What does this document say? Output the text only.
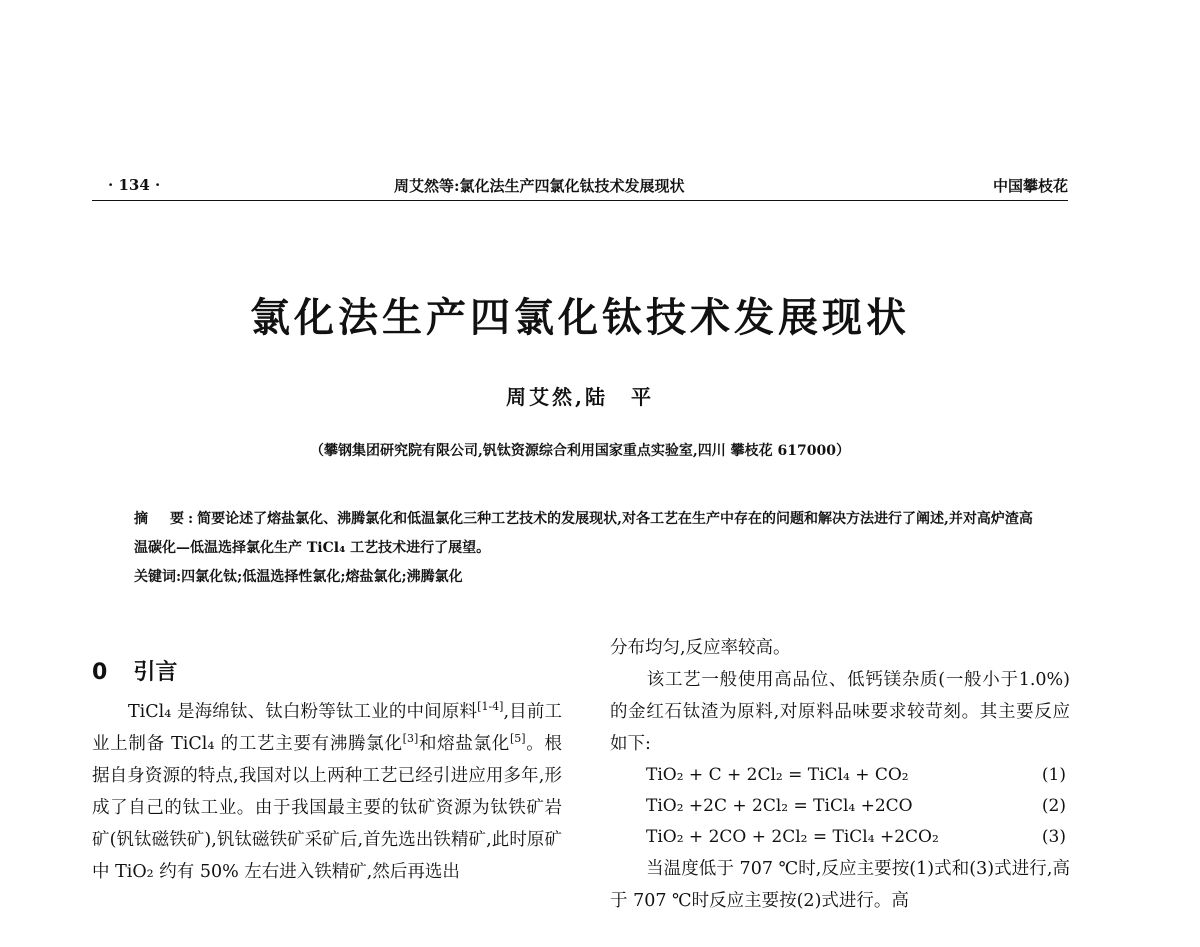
· 134 ·	周艾然等:氯化法生产四氯化钛技术发展现状	中国攀枝花
氯化法生产四氯化钛技术发展现状
周艾然,陆　平
（攀钢集团研究院有限公司,钒钛资源综合利用国家重点实验室,四川 攀枝花 617000）
摘　要:简要论述了熔盐氯化、沸腾氯化和低温氯化三种工艺技术的发展现状,对各工艺在生产中存在的问题和解决方法进行了阐述,并对高炉渣高温碳化—低温选择氯化生产 TiCl₄ 工艺技术进行了展望。
关键词:四氯化钛;低温选择性氯化;熔盐氯化;沸腾氯化
0 引言
TiCl₄ 是海绵钛、钛白粉等钛工业的中间原料[1-4],目前工业上制备 TiCl₄ 的工艺主要有沸腾氯化[3]和熔盐氯化[5]。根据自身资源的特点,我国对以上两种工艺已经引进应用多年,形成了自己的钛工业。由于我国最主要的钛矿资源为钛铁矿岩矿(钒钛磁铁矿),钒钛磁铁矿采矿后,首先选出铁精矿,此时原矿中 TiO₂ 约有 50% 左右进入铁精矿,然后再选出
分布均匀,反应率较高。
该工艺一般使用高品位、低钙镁杂质(一般小于1.0%)的金红石钛渣为原料,对原料品味要求较苛刻。其主要反应如下:
TiO₂ + C + 2Cl₂ = TiCl₄ + CO₂	(1)
TiO₂ +2C + 2Cl₂ = TiCl₄ +2CO	(2)
TiO₂ + 2CO + 2Cl₂ = TiCl₄ +2CO₂	(3)
当温度低于 707 ℃时,反应主要按(1)式和(3)式进行,高于 707 ℃时反应主要按(2)式进行。高
